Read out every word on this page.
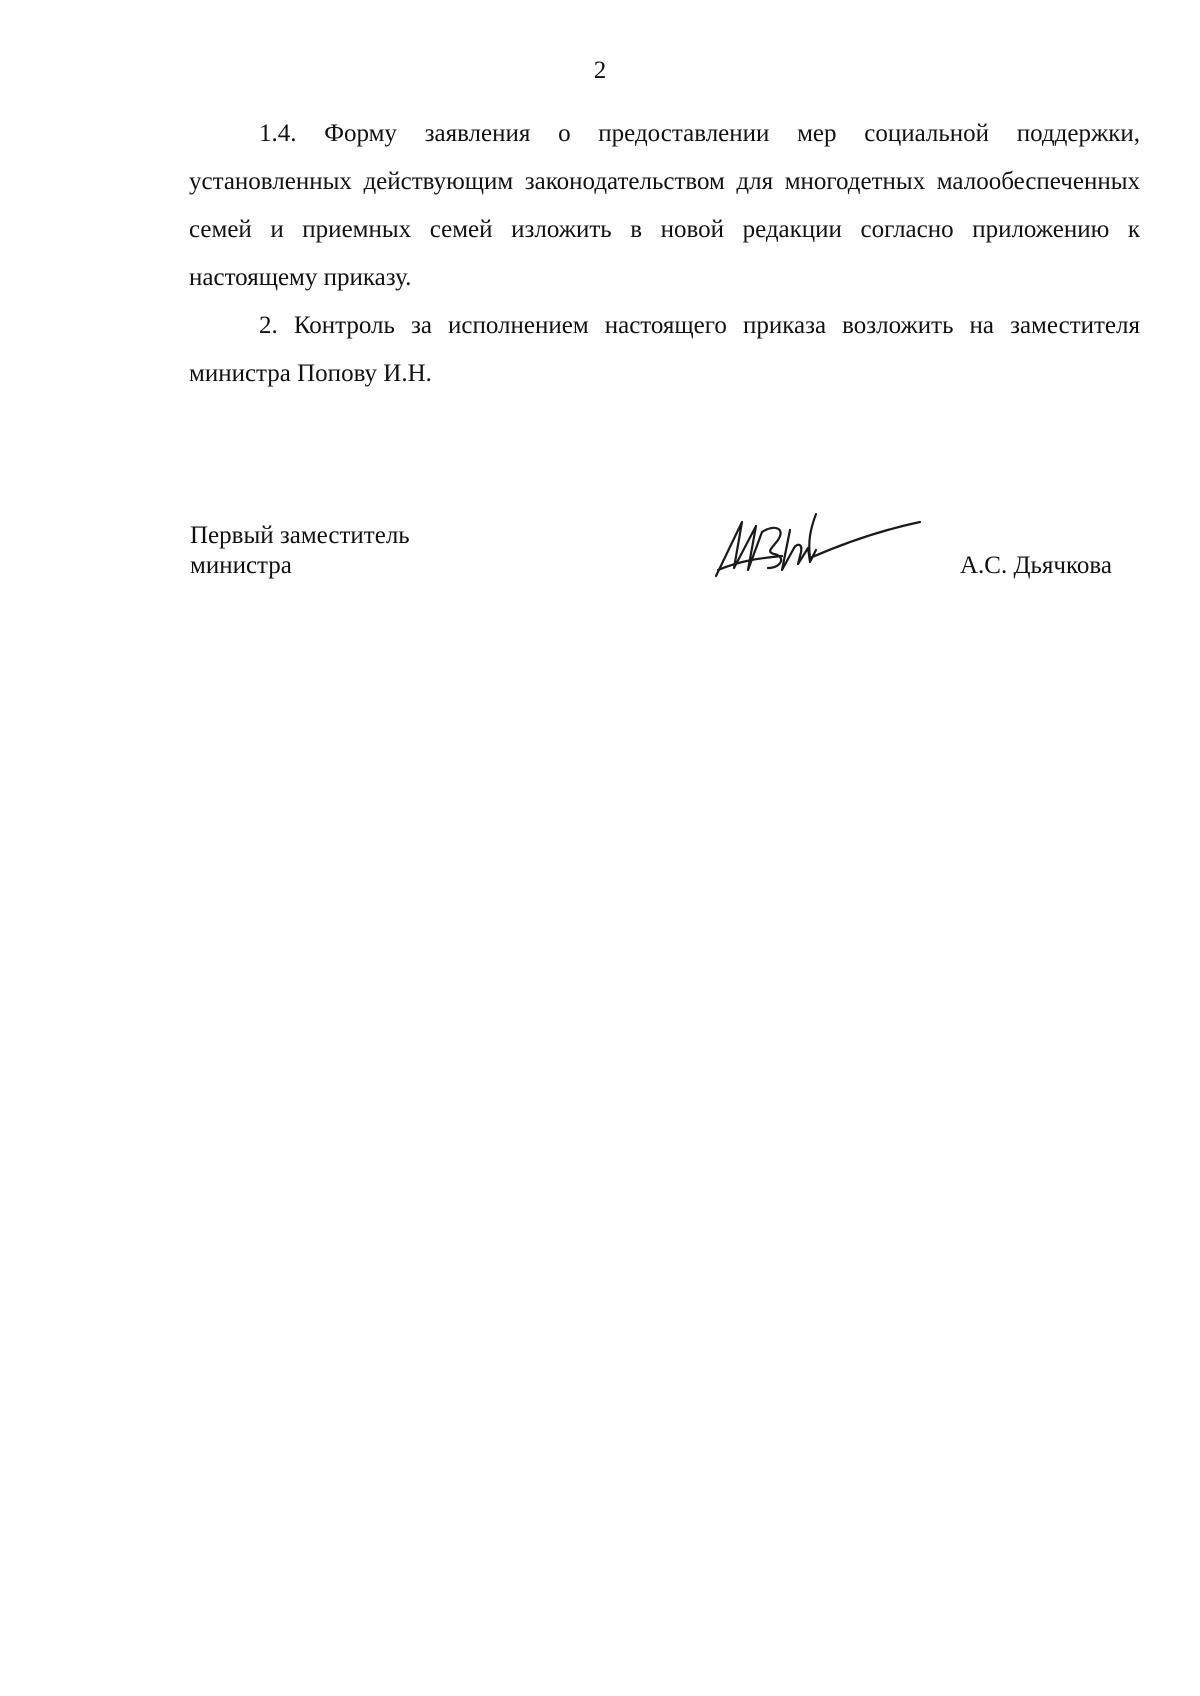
2

1.4. Форму заявления о предоставлении мер социальной поддержки, установленных действующим законодательством для многодетных малообеспеченных семей и приемных семей изложить в новой редакции согласно приложению к настоящему приказу.

2. Контроль за исполнением настоящего приказа возложить на заместителя министра Попову И.Н.

Первый заместитель
министра	А.С. Дьячкова
